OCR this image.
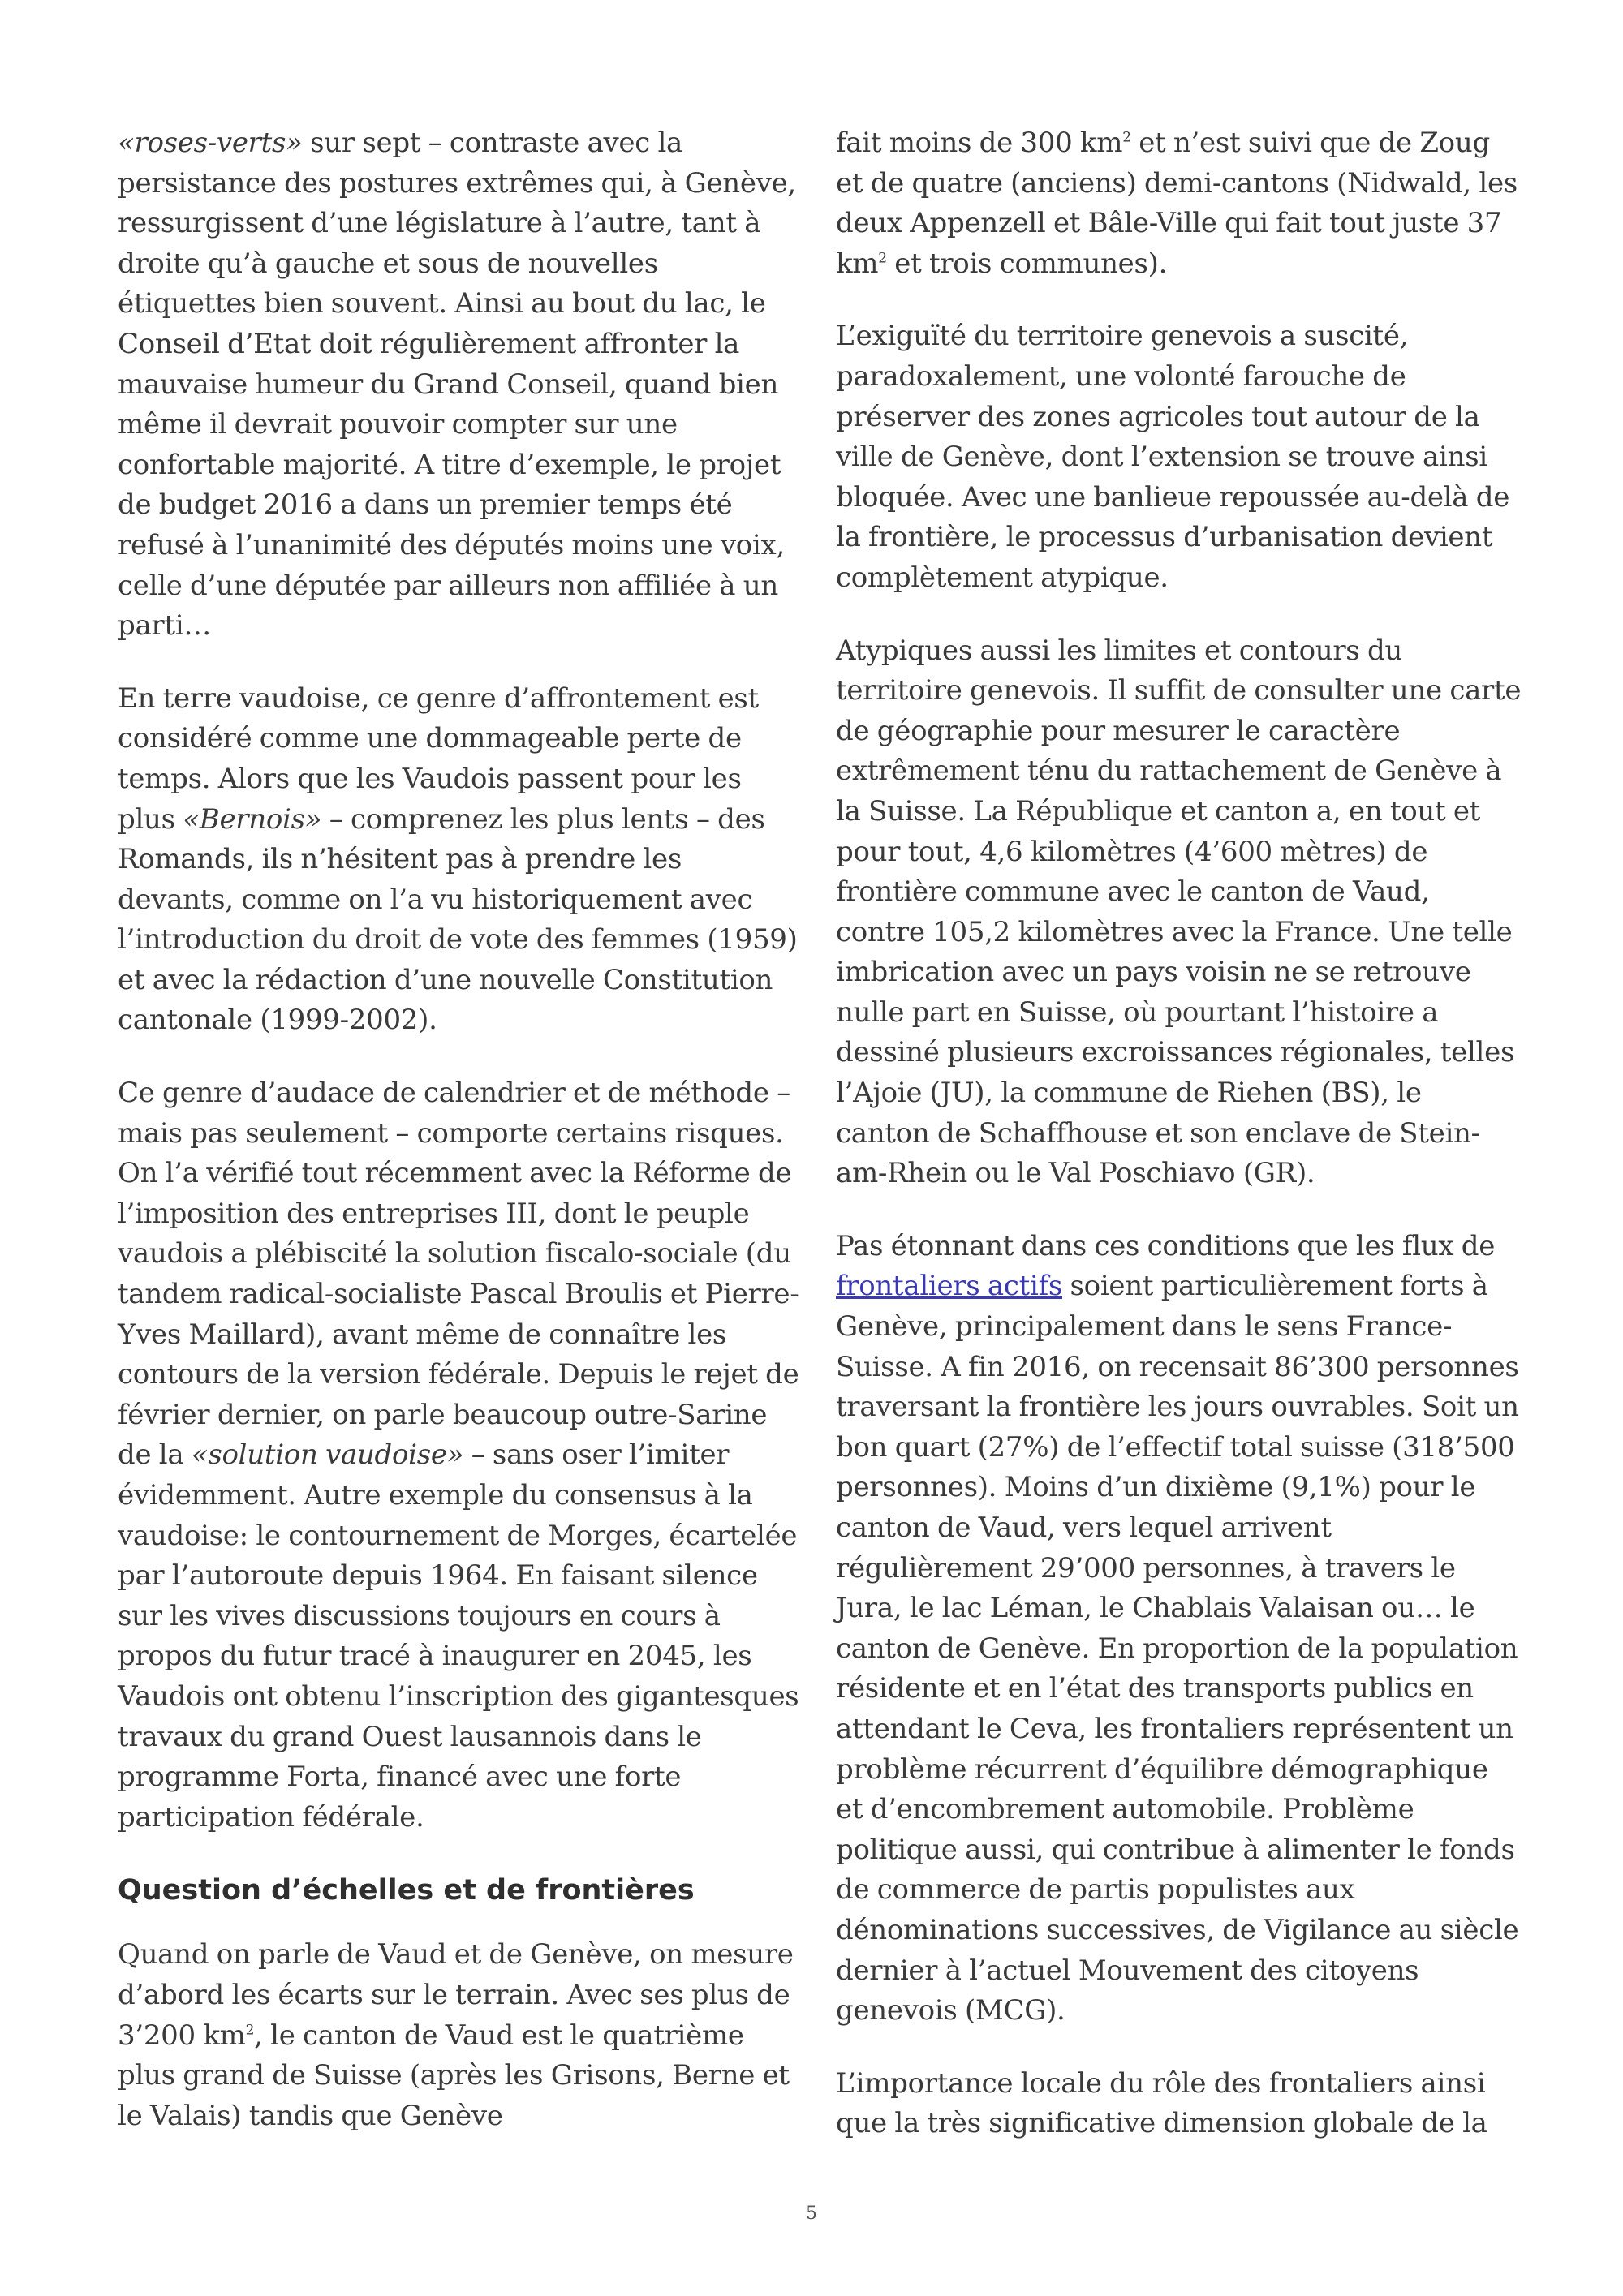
«roses-verts» sur sept – contraste avec la persistance des postures extrêmes qui, à Genève, ressurgissent d’une législature à l’autre, tant à droite qu’à gauche et sous de nouvelles étiquettes bien souvent. Ainsi au bout du lac, le Conseil d’Etat doit régulièrement affronter la mauvaise humeur du Grand Conseil, quand bien même il devrait pouvoir compter sur une confortable majorité. A titre d’exemple, le projet de budget 2016 a dans un premier temps été refusé à l’unanimité des députés moins une voix, celle d’une députée par ailleurs non affiliée à un parti…

En terre vaudoise, ce genre d’affrontement est considéré comme une dommageable perte de temps. Alors que les Vaudois passent pour les plus «Bernois» – comprenez les plus lents – des Romands, ils n’hésitent pas à prendre les devants, comme on l’a vu historiquement avec l’introduction du droit de vote des femmes (1959) et avec la rédaction d’une nouvelle Constitution cantonale (1999-2002).

Ce genre d’audace de calendrier et de méthode – mais pas seulement – comporte certains risques. On l’a vérifié tout récemment avec la Réforme de l’imposition des entreprises III, dont le peuple vaudois a plébiscité la solution fiscalo-sociale (du tandem radical-socialiste Pascal Broulis et Pierre-Yves Maillard), avant même de connaître les contours de la version fédérale. Depuis le rejet de février dernier, on parle beaucoup outre-Sarine de la «solution vaudoise» – sans oser l’imiter évidemment. Autre exemple du consensus à la vaudoise: le contournement de Morges, écartelée par l’autoroute depuis 1964. En faisant silence sur les vives discussions toujours en cours à propos du futur tracé à inaugurer en 2045, les Vaudois ont obtenu l’inscription des gigantesques travaux du grand Ouest lausannois dans le programme Forta, financé avec une forte participation fédérale.

Question d’échelles et de frontières

Quand on parle de Vaud et de Genève, on mesure d’abord les écarts sur le terrain. Avec ses plus de 3’200 $km^2$, le canton de Vaud est le quatrième plus grand de Suisse (après les Grisons, Berne et le Valais) tandis que Genève

fait moins de 300 $km^2$ et n’est suivi que de Zoug et de quatre (anciens) demi-cantons (Nidwald, les deux Appenzell et Bâle-Ville qui fait tout juste 37 $km^2$ et trois communes).

L’exiguïté du territoire genevois a suscité, paradoxalement, une volonté farouche de préserver des zones agricoles tout autour de la ville de Genève, dont l’extension se trouve ainsi bloquée. Avec une banlieue repoussée au-delà de la frontière, le processus d’urbanisation devient complètement atypique.

Atypiques aussi les limites et contours du territoire genevois. Il suffit de consulter une carte de géographie pour mesurer le caractère extrêmement ténu du rattachement de Genève à la Suisse. La République et canton a, en tout et pour tout, 4,6 kilomètres (4’600 mètres) de frontière commune avec le canton de Vaud, contre 105,2 kilomètres avec la France. Une telle imbrication avec un pays voisin ne se retrouve nulle part en Suisse, où pourtant l’histoire a dessiné plusieurs excroissances régionales, telles l’Ajoie (JU), la commune de Riehen (BS), le canton de Schaffhouse et son enclave de Stein-am-Rhein ou le Val Poschiavo (GR).

Pas étonnant dans ces conditions que les flux de frontaliers actifs soient particulièrement forts à Genève, principalement dans le sens France-Suisse. A fin 2016, on recensait 86’300 personnes traversant la frontière les jours ouvrables. Soit un bon quart (27%) de l’effectif total suisse (318’500 personnes). Moins d’un dixième (9,1%) pour le canton de Vaud, vers lequel arrivent régulièrement 29’000 personnes, à travers le Jura, le lac Léman, le Chablais Valaisan ou… le canton de Genève. En proportion de la population résidente et en l’état des transports publics en attendant le Ceva, les frontaliers représentent un problème récurrent d’équilibre démographique et d’encombrement automobile. Problème politique aussi, qui contribue à alimenter le fonds de commerce de partis populistes aux dénominations successives, de Vigilance au siècle dernier à l’actuel Mouvement des citoyens genevois (MCG).

L’importance locale du rôle des frontaliers ainsi que la très significative dimension globale de la

5
